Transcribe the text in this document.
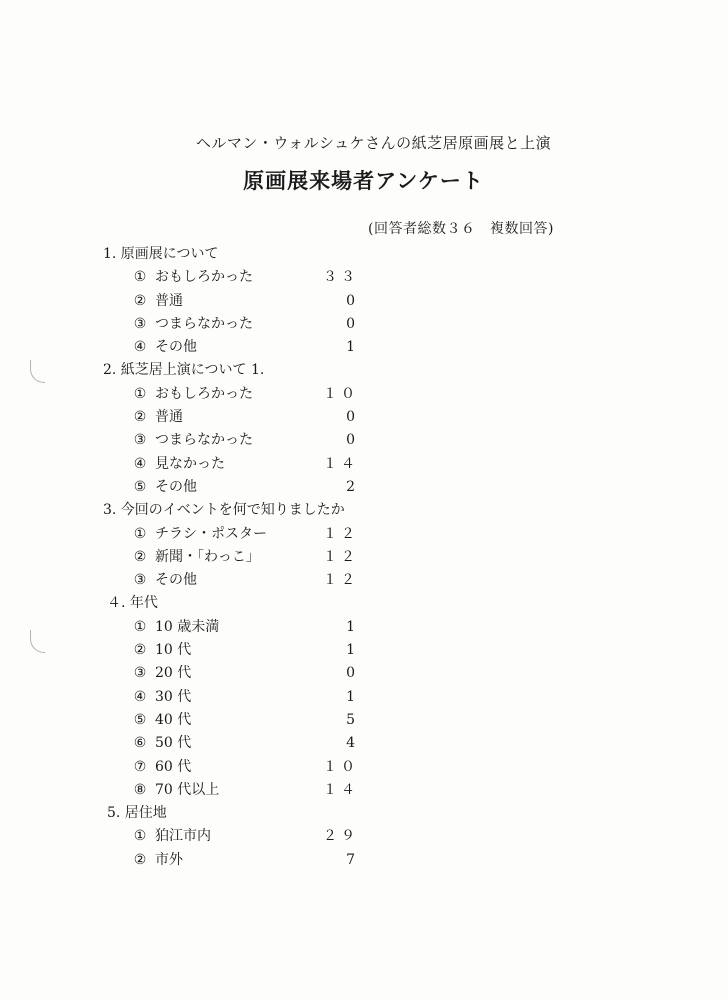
ヘルマン・ウォルシュケさんの紙芝居原画展と上演
原画展来場者アンケート
(回答者総数３６　複数回答)
1. 原画展について
① おもしろかった	３３
② 普通	0
③ つまらなかった	0
④ その他	1
2. 紙芝居上演について 1.
① おもしろかった	１０
② 普通	0
③ つまらなかった	0
④ 見なかった	１４
⑤ その他	2
3. 今回のイベントを何で知りましたか
① チラシ・ポスター	１２
② 新聞・「わっこ」	１２
③ その他	１２
４. 年代
① 10 歳未満	1
② 10 代	1
③ 20 代	0
④ 30 代	1
⑤ 40 代	5
⑥ 50 代	4
⑦ 60 代	１０
⑧ 70 代以上	１４
5. 居住地
① 狛江市内	２９
② 市外	7
